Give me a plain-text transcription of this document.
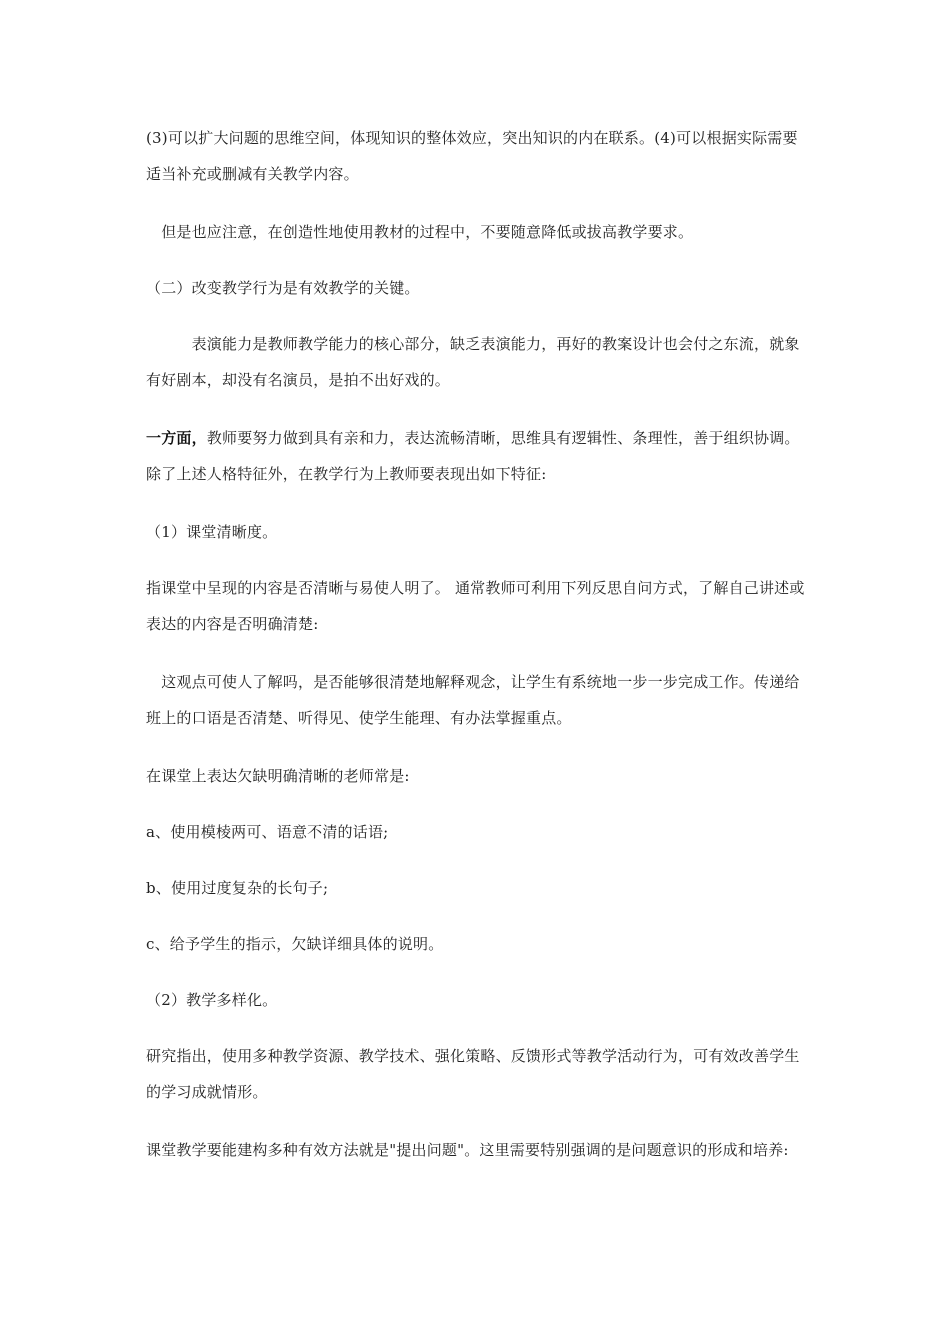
(3)可以扩大问题的思维空间，体现知识的整体效应，突出知识的内在联系。(4)可以根据实际需要适当补充或删减有关教学内容。

　但是也应注意，在创造性地使用教材的过程中，不要随意降低或拔高教学要求。

（二）改变教学行为是有效教学的关键。

　　　表演能力是教师教学能力的核心部分，缺乏表演能力，再好的教案设计也会付之东流，就象有好剧本，却没有名演员，是拍不出好戏的。

一方面，教师要努力做到具有亲和力，表达流畅清晰，思维具有逻辑性、条理性，善于组织协调。除了上述人格特征外，在教学行为上教师要表现出如下特征:

（1）课堂清晰度。

指课堂中呈现的内容是否清晰与易使人明了。 通常教师可利用下列反思自问方式，了解自己讲述或表达的内容是否明确清楚:

　这观点可使人了解吗，是否能够很清楚地解释观念，让学生有系统地一步一步完成工作。传递给班上的口语是否清楚、听得见、使学生能理、有办法掌握重点。

在课堂上表达欠缺明确清晰的老师常是:

a、使用模棱两可、语意不清的话语;

b、使用过度复杂的长句子;

c、给予学生的指示，欠缺详细具体的说明。

（2）教学多样化。

研究指出，使用多种教学资源、教学技术、强化策略、反馈形式等教学活动行为，可有效改善学生的学习成就情形。

课堂教学要能建构多种有效方法就是"提出问题"。这里需要特别强调的是问题意识的形成和培养:
